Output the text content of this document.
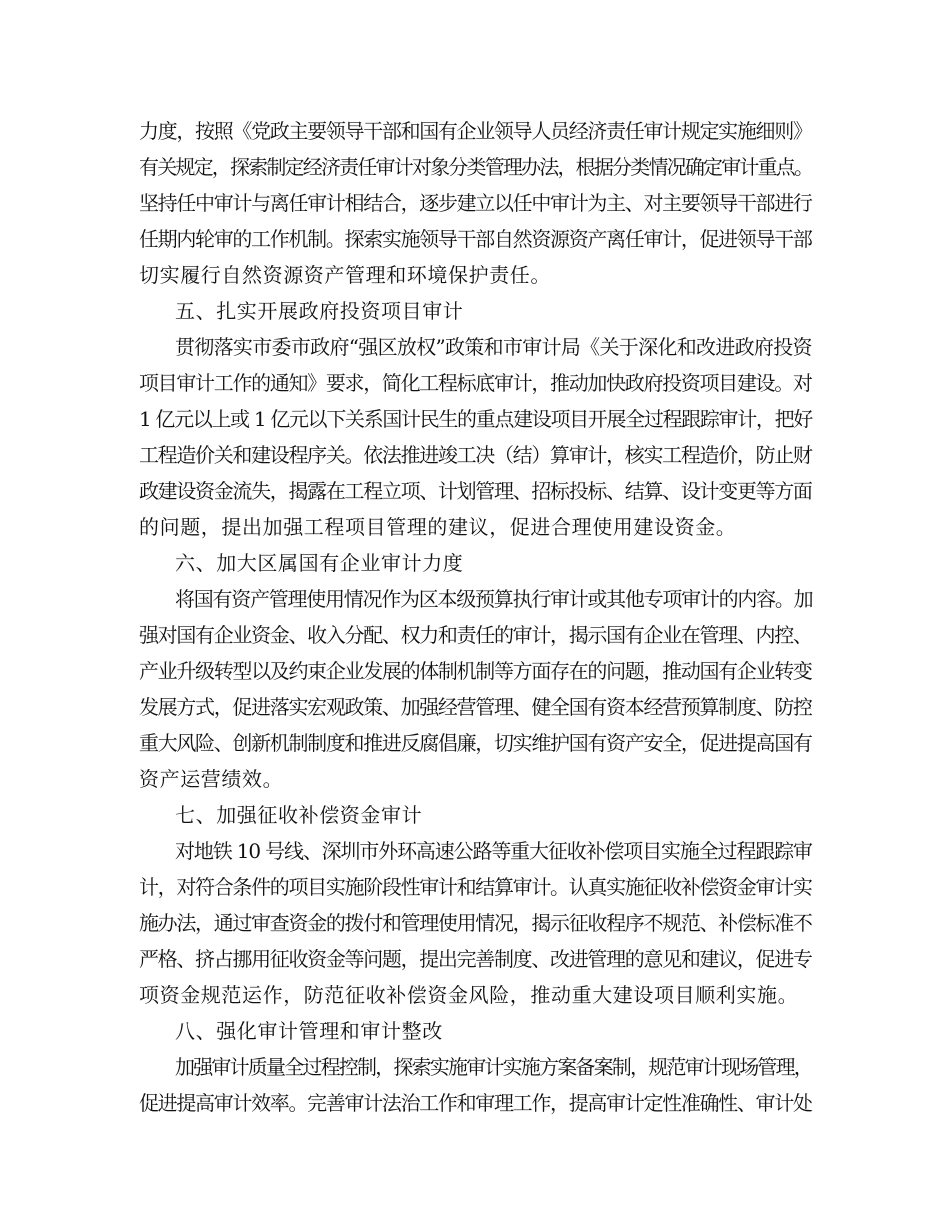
力度，按照《党政主要领导干部和国有企业领导人员经济责任审计规定实施细则》
有关规定，探索制定经济责任审计对象分类管理办法，根据分类情况确定审计重点。
坚持任中审计与离任审计相结合，逐步建立以任中审计为主、对主要领导干部进行
任期内轮审的工作机制。探索实施领导干部自然资源资产离任审计，促进领导干部
切实履行自然资源资产管理和环境保护责任。
五、扎实开展政府投资项目审计
贯彻落实市委市政府“强区放权”政策和市审计局《关于深化和改进政府投资
项目审计工作的通知》要求，简化工程标底审计，推动加快政府投资项目建设。对
1 亿元以上或 1 亿元以下关系国计民生的重点建设项目开展全过程跟踪审计，把好
工程造价关和建设程序关。依法推进竣工决（结）算审计，核实工程造价，防止财
政建设资金流失，揭露在工程立项、计划管理、招标投标、结算、设计变更等方面
的问题，提出加强工程项目管理的建议，促进合理使用建设资金。
六、加大区属国有企业审计力度
将国有资产管理使用情况作为区本级预算执行审计或其他专项审计的内容。加
强对国有企业资金、收入分配、权力和责任的审计，揭示国有企业在管理、内控、
产业升级转型以及约束企业发展的体制机制等方面存在的问题，推动国有企业转变
发展方式，促进落实宏观政策、加强经营管理、健全国有资本经营预算制度、防控
重大风险、创新机制制度和推进反腐倡廉，切实维护国有资产安全，促进提高国有
资产运营绩效。
七、加强征收补偿资金审计
对地铁 10 号线、深圳市外环高速公路等重大征收补偿项目实施全过程跟踪审
计，对符合条件的项目实施阶段性审计和结算审计。认真实施征收补偿资金审计实
施办法，通过审查资金的拨付和管理使用情况，揭示征收程序不规范、补偿标准不
严格、挤占挪用征收资金等问题，提出完善制度、改进管理的意见和建议，促进专
项资金规范运作，防范征收补偿资金风险，推动重大建设项目顺利实施。
八、强化审计管理和审计整改
加强审计质量全过程控制，探索实施审计实施方案备案制，规范审计现场管理，
促进提高审计效率。完善审计法治工作和审理工作，提高审计定性准确性、审计处
